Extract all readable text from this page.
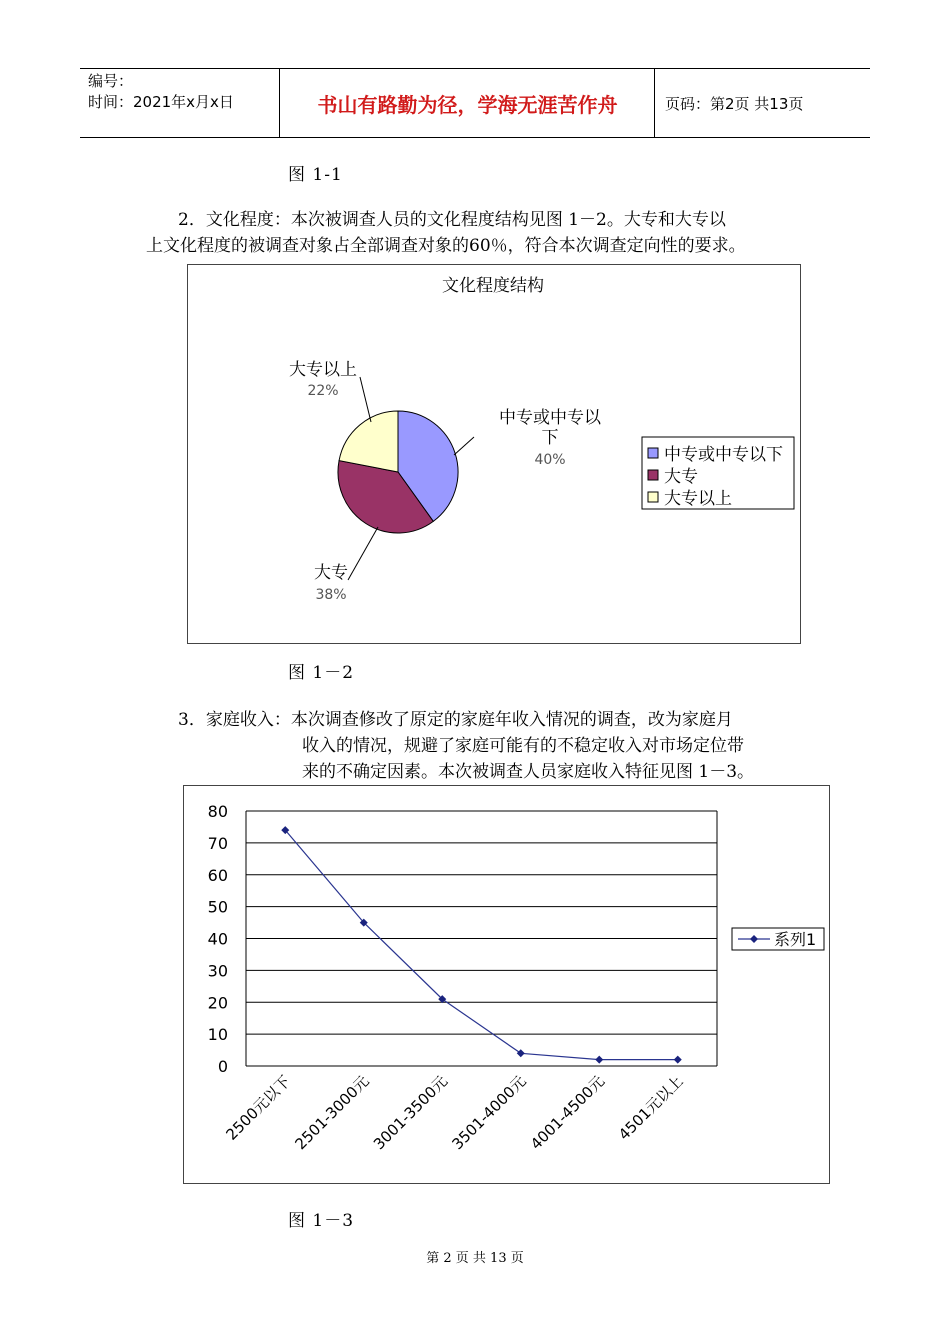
编号：
时间：2021年x月x日	书山有路勤为径，学海无涯苦作舟	页码：第2页 共13页
图 1-1
2．文化程度：本次被调查人员的文化程度结构见图 1－2。大专和大专以
上文化程度的被调查对象占全部调查对象的60％，符合本次调查定向性的要求。
文化程度结构
中专或中专以
下
40%
大专
38%
大专以上
22%
中专或中专以下
大专
大专以上
图 1－2
3．家庭收入：本次调查修改了原定的家庭年收入情况的调查，改为家庭月
收入的情况，规避了家庭可能有的不稳定收入对市场定位带
来的不确定因素。本次被调查人员家庭收入特征见图 1－3。
0
10
20
30
40
50
60
70
80
2500元以下
2501-3000元
3001-3500元
3501-4000元
4001-4500元 4501元以上
系列1
图 1－3
第 2 页 共 13 页
